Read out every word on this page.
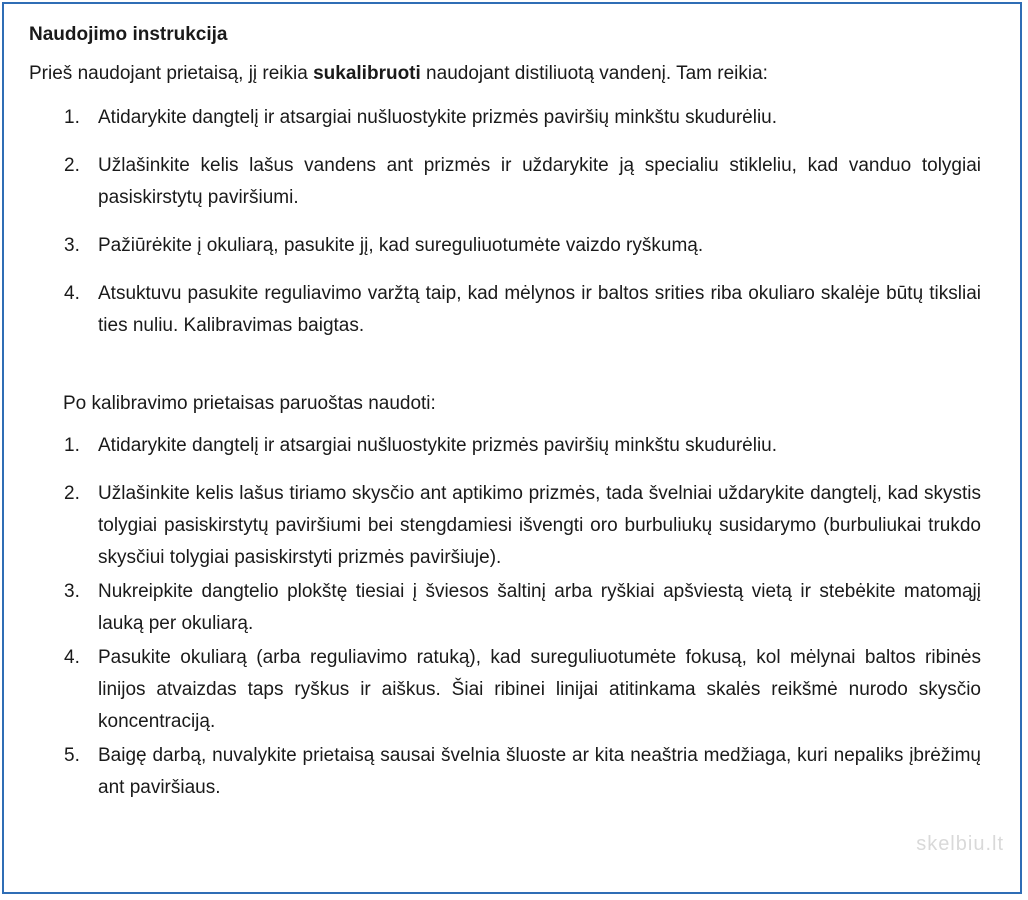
Naudojimo instrukcija

Prieš naudojant prietaisą, jį reikia sukalibruoti naudojant distiliuotą vandenį. Tam reikia:

1. Atidarykite dangtelį ir atsargiai nušluostykite prizmės paviršių minkštu skudurėliu.
2. Užlašinkite kelis lašus vandens ant prizmės ir uždarykite ją specialiu stikleliu, kad vanduo tolygiai pasiskirstytų paviršiumi.
3. Pažiūrėkite į okuliarą, pasukite jį, kad sureguliuotumėte vaizdo ryškumą.
4. Atsuktuvu pasukite reguliavimo varžtą taip, kad mėlynos ir baltos srities riba okuliaro skalėje būtų tiksliai ties nuliu. Kalibravimas baigtas.

Po kalibravimo prietaisas paruoštas naudoti:

1. Atidarykite dangtelį ir atsargiai nušluostykite prizmės paviršių minkštu skudurėliu.
2. Užlašinkite kelis lašus tiriamo skysčio ant aptikimo prizmės, tada švelniai uždarykite dangtelį, kad skystis tolygiai pasiskirstytų paviršiumi bei stengdamiesi išvengti oro burbuliukų susidarymo (burbuliukai trukdo skysčiui tolygiai pasiskirstyti prizmės paviršiuje).
3. Nukreipkite dangtelio plokštę tiesiai į šviesos šaltinį arba ryškiai apšviestą vietą ir stebėkite matomąjį lauką per okuliarą.
4. Pasukite okuliarą (arba reguliavimo ratuką), kad sureguliuotumėte fokusą, kol mėlynai baltos ribinės linijos atvaizdas taps ryškus ir aiškus. Šiai ribinei linijai atitinkama skalės reikšmė nurodo skysčio koncentraciją.
5. Baigę darbą, nuvalykite prietaisą sausai švelnia šluoste ar kita neaštria medžiaga, kuri nepaliks įbrėžimų ant paviršiaus.
skelbiu.lt
